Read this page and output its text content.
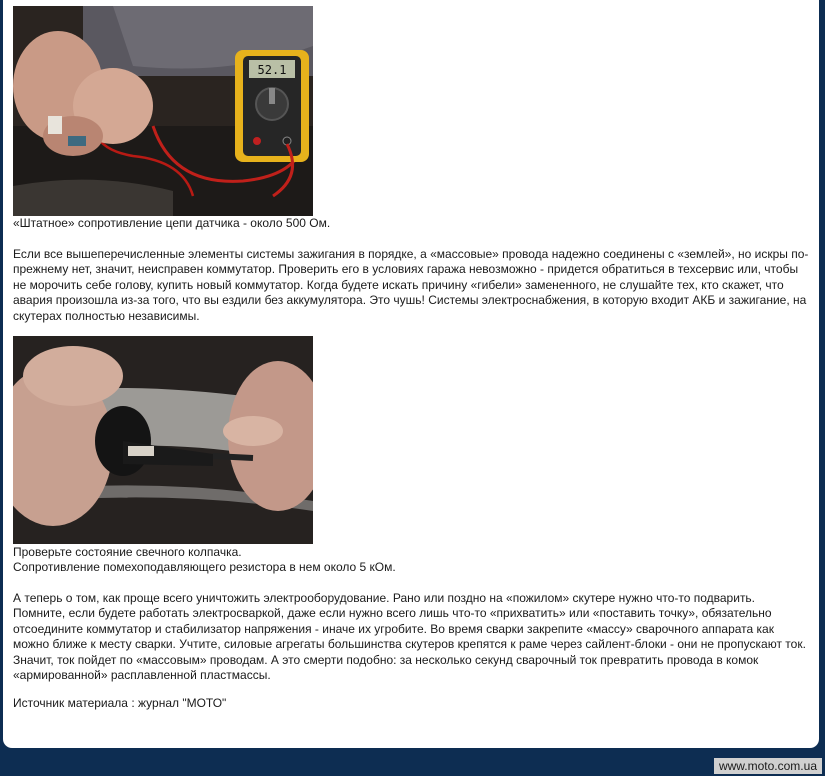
52.1

«Штатное» сопротивление цепи датчика - около 500 Ом.

Если все вышеперечисленные элементы системы зажигания в порядке, а «массовые» провода надежно соединены с «землей», но искры по-прежнему нет, значит, неисправен коммутатор. Проверить его в условиях гаража невозможно - придется обратиться в техсервис или, чтобы не морочить себе голову, купить новый коммутатор. Когда будете искать причину «гибели» замененного, не слушайте тех, кто скажет, что авария произошла из-за того, что вы ездили без аккумулятора. Это чушь! Системы электроснабжения, в которую входит АКБ и зажигание, на скутерах полностью независимы.

Проверьте состояние свечного колпачка.

Сопротивление помехоподавляющего резистора в нем около 5 кОм.

А теперь о том, как проще всего уничтожить электрооборудование. Рано или поздно на «пожилом» скутере нужно что-то подварить. Помните, если будете работать электросваркой, даже если нужно всего лишь что-то «прихватить» или «поставить точку», обязательно отсоедините коммутатор и стабилизатор напряжения - иначе их угробите. Во время сварки закрепите «массу» сварочного аппарата как можно ближе к месту сварки. Учтите, силовые агрегаты большинства скутеров крепятся к раме через сайлент-блоки - они не пропускают ток. Значит, ток пойдет по «массовым» проводам. А это смерти подобно: за несколько секунд сварочный ток превратить провода в комок «армированной» расплавленной пластмассы.

Источник материала : журнал "МОТО"

www.moto.com.ua
